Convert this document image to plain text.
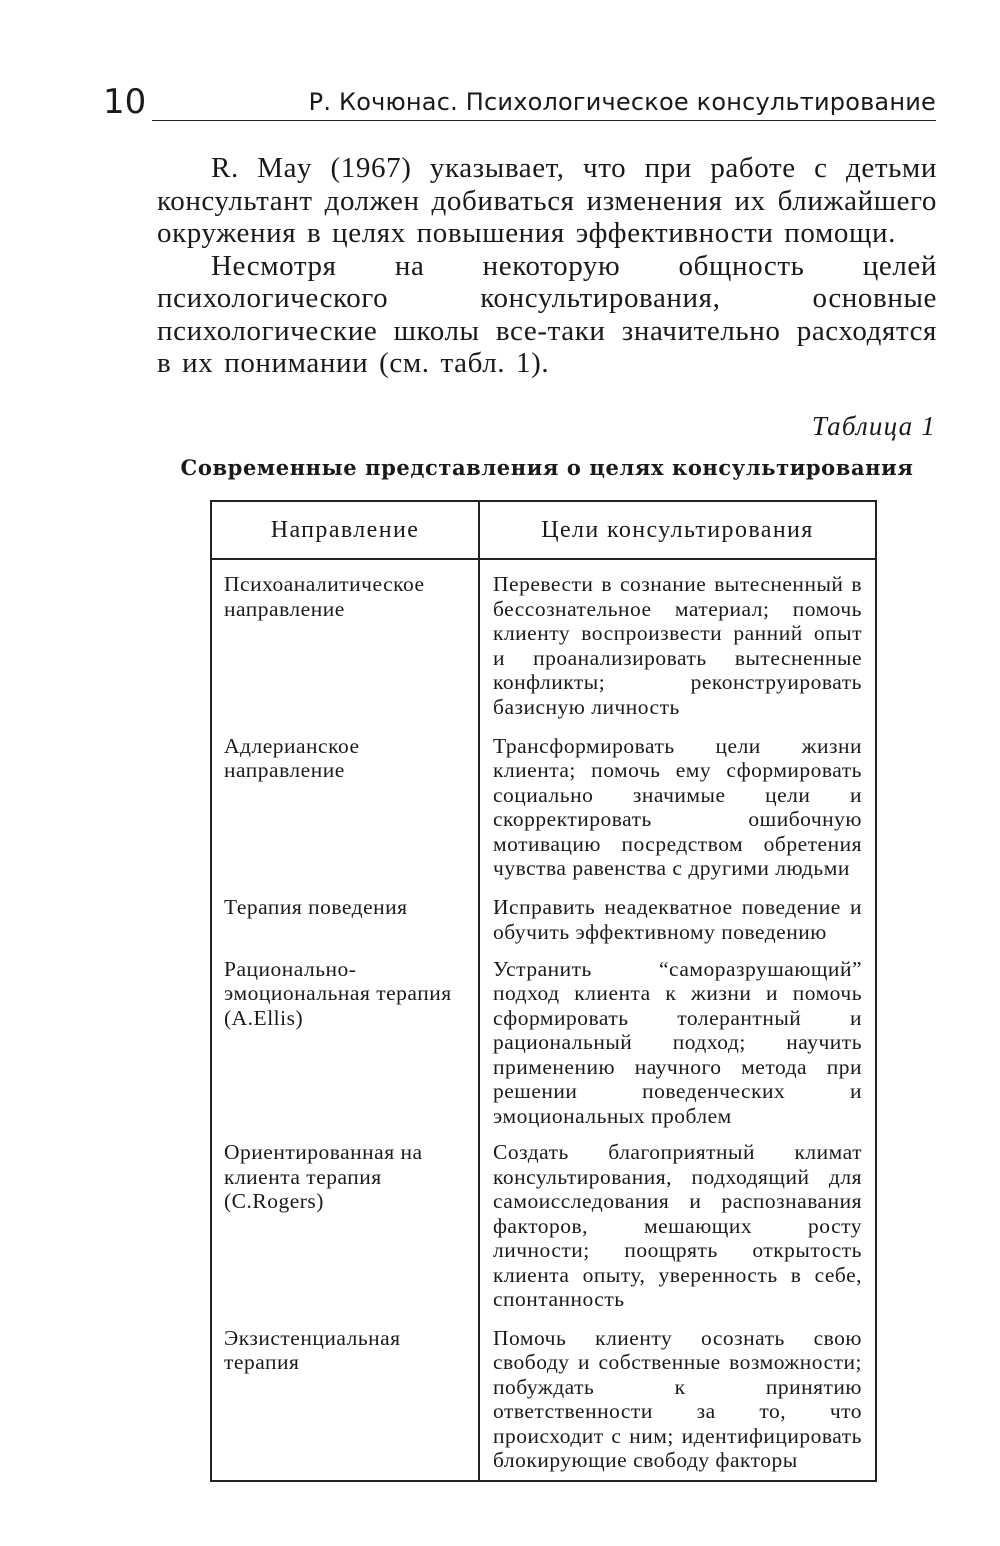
10	Р. Кочюнас. Психологическое консультирование

R. May (1967) указывает, что при работе с детьми консультант должен добиваться изменения их ближайшего окружения в целях повышения эффективности помощи.

Несмотря на некоторую общность целей психологического консультирования, основные психологические школы все-таки значительно расходятся в их понимании (см. табл. 1).

Таблица 1
Современные представления о целях консультирования
Направление	Цели консультирования
Психоаналитическое направление
Адлерианское направление
Терапия поведения
Рационально-эмоциональная терапия (A.Ellis)
Ориентированная на клиента терапия (C.Rogers)
Экзистенциальная терапия
Перевести в сознание вытесненный в бессознательное материал; помочь клиенту воспроизвести ранний опыт и проанализировать вытесненные конфликты; реконструировать базисную личность
Трансформировать цели жизни клиента; помочь ему сформировать социально значимые цели и скорректировать ошибочную мотивацию посредством обретения чувства равенства с другими людьми
Исправить неадекватное поведение и обучить эффективному поведению
Устранить “саморазрушающий” подход клиента к жизни и помочь сформировать толерантный и рациональный подход; научить применению научного метода при решении поведенческих и эмоциональных проблем
Создать благоприятный климат консультирования, подходящий для самоисследования и распознавания факторов, мешающих росту личности; поощрять открытость клиента опыту, уверенность в себе, спонтанность
Помочь клиенту осознать свою свободу и собственные возможности; побуждать к принятию ответственности за то, что происходит с ним; идентифицировать блокирующие свободу факторы
